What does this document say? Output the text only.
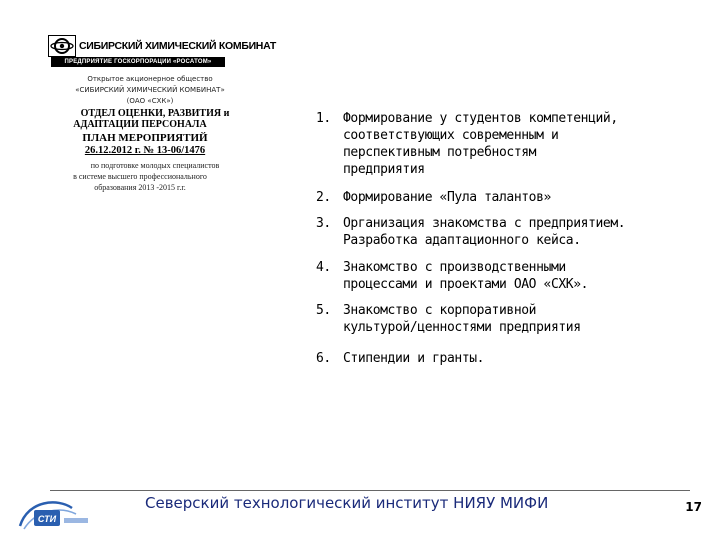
СИБИРСКИЙ ХИМИЧЕСКИЙ КОМБИНАТ
ПРЕДПРИЯТИЕ ГОСКОРПОРАЦИИ «РОСАТОМ»
Открытое акционерное общество
«СИБИРСКИЙ ХИМИЧЕСКИЙ КОМБИНАТ»
(ОАО «СХК»)
ОТДЕЛ ОЦЕНКИ, РАЗВИТИЯ и
АДАПТАЦИИ ПЕРСОНАЛА
ПЛАН МЕРОПРИЯТИЙ
26.12.2012 г. № 13-06/1476
по подготовке молодых специалистов
в системе высшего профессионального
образования 2013 -2015 г.г.
1. Формирование у студентов компетенций,
соответствующих современным и
перспективным потребностям
предприятия
2. Формирование «Пула талантов»
3. Организация знакомства с предприятием.
Разработка адаптационного кейса.
4. Знакомство с производственными
процессами и проектами ОАО «СХК».
5. Знакомство с корпоративной
культурой/ценностями предприятия
6. Стипендии и гранты.
СТИ
Северский технологический институт НИЯУ МИФИ	17
